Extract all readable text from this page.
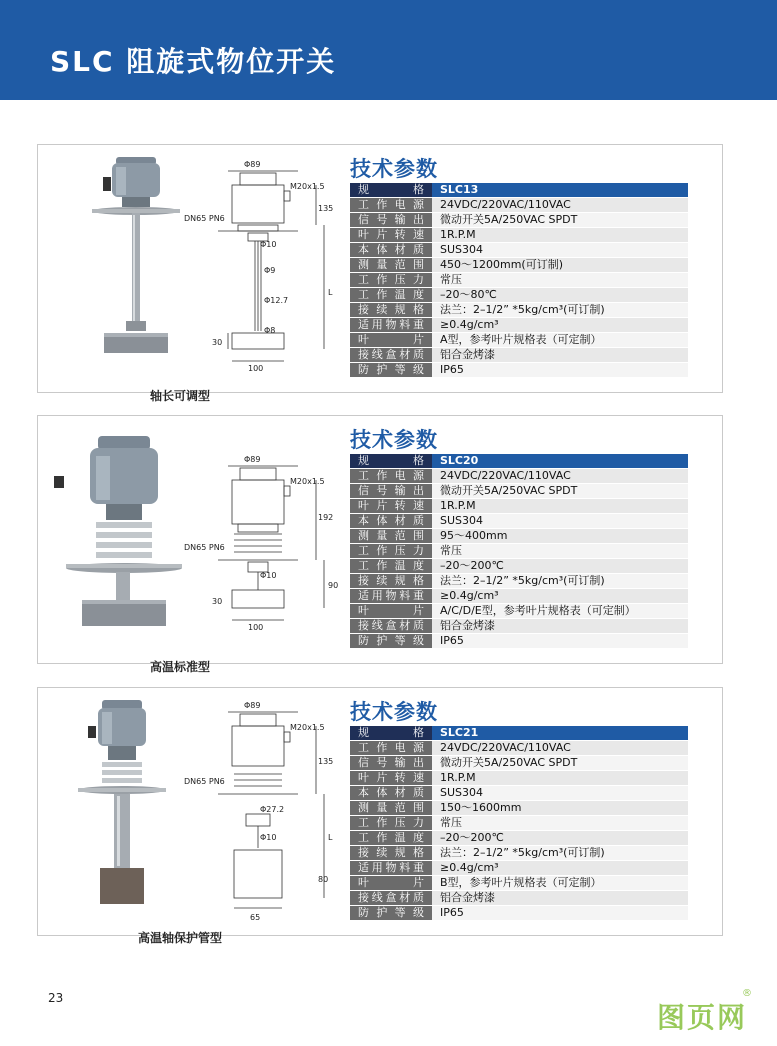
SLC 阻旋式物位开关
Φ89
M20x1.5
DN65 PN6
Φ10
Φ9
Φ12.7
Φ8
135
L
30
100
技术参数
规格	SLC13
工作电源	24VDC/220VAC/110VAC
信号输出	微动开关5A/250VAC SPDT
叶片转速	1R.P.M
本体材质	SUS304
测量范围	450～1200mm(可订制)
工作压力	常压
工作温度	–20～80℃
接续规格	法兰：2–1/2” *5kg/cm³(可订制)
适用物料重	≥0.4g/cm³
叶片	A型，参考叶片规格表（可定制）
接线盒材质	铝合金烤漆
防护等级	IP65
轴长可调型
Φ89
M20x1.5
DN65 PN6
Φ10
192
90
30
100
技术参数
规格	SLC20
工作电源	24VDC/220VAC/110VAC
信号输出	微动开关5A/250VAC SPDT
叶片转速	1R.P.M
本体材质	SUS304
测量范围	95～400mm
工作压力	常压
工作温度	–20～200℃
接续规格	法兰：2–1/2” *5kg/cm³(可订制)
适用物料重	≥0.4g/cm³
叶片	A/C/D/E型，参考叶片规格表（可定制）
接线盒材质	铝合金烤漆
防护等级	IP65
高温标准型
Φ89
M20x1.5
DN65 PN6
Φ27.2
Φ10
135
L
80
65
技术参数
规格	SLC21
工作电源	24VDC/220VAC/110VAC
信号输出	微动开关5A/250VAC SPDT
叶片转速	1R.P.M
本体材质	SUS304
测量范围	150～1600mm
工作压力	常压
工作温度	–20～200℃
接续规格	法兰：2–1/2” *5kg/cm³(可订制)
适用物料重	≥0.4g/cm³
叶片	B型，参考叶片规格表（可定制）
接线盒材质	铝合金烤漆
防护等级	IP65
高温轴保护管型
23
图页网
®
